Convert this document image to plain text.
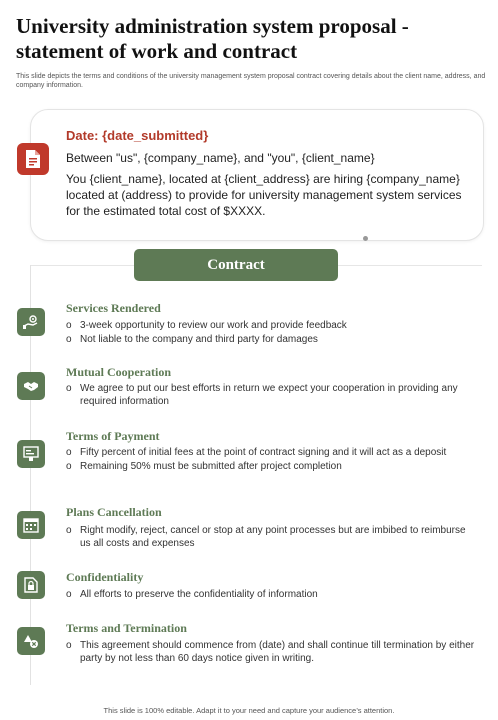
University administration system proposal - statement of work and contract
This slide depicts the terms and conditions of the university management system proposal contract covering details about the client name, address, and company information.
Date: {date_submitted}
Between "us", {company_name}, and "you", {client_name}
You {client_name}, located at {client_address} are hiring {company_name} located at (address) to provide for university management system services for the estimated total cost of $XXXX.
Contract
Services Rendered
o 3-week opportunity to review our work and provide feedback
o Not liable to the company and third party for damages
Mutual Cooperation
o We agree to put our best efforts in return we expect your cooperation in providing any required information
Terms of Payment
o Fifty percent of initial fees at the point of contract signing and it will act as a deposit
o Remaining 50% must be submitted after project completion
Plans Cancellation
o Right modify, reject, cancel or stop at any point processes but are imbibed to reimburse us all costs and expenses
Confidentiality
o All efforts to preserve the confidentiality of information
Terms and Termination
o This agreement should commence from (date) and shall continue till termination by either party by not less than 60 days notice given in writing.
This slide is 100% editable. Adapt it to your need and capture your audience’s attention.
